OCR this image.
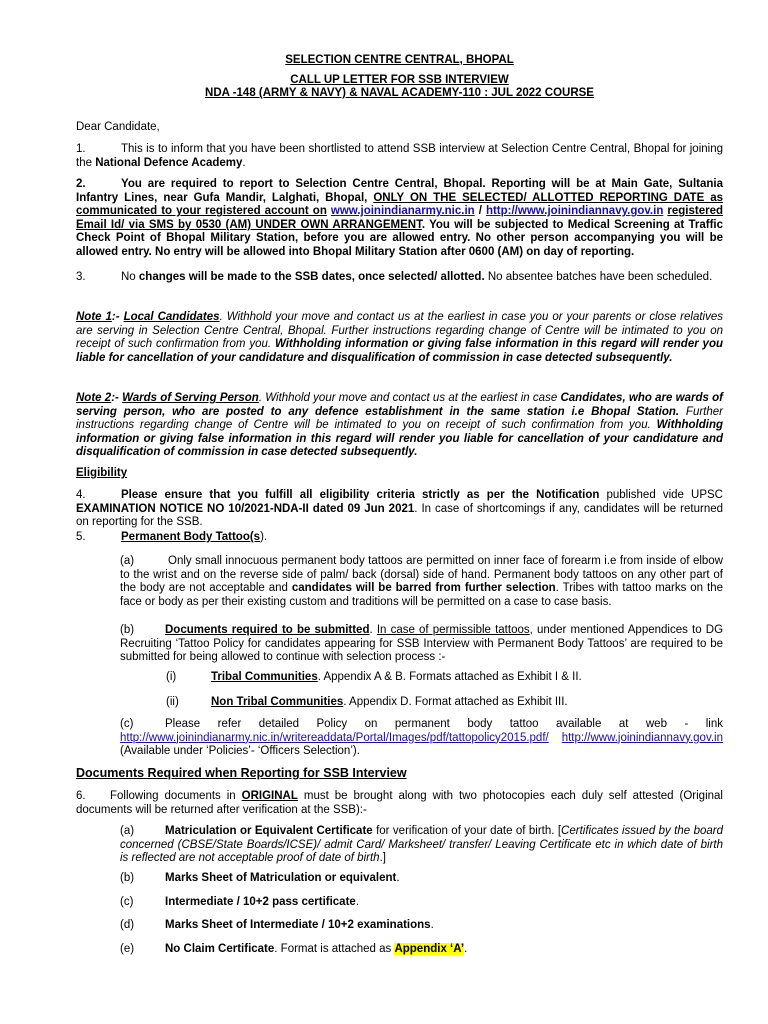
SELECTION CENTRE CENTRAL, BHOPAL
CALL UP LETTER FOR SSB INTERVIEW
NDA -148 (ARMY & NAVY) & NAVAL ACADEMY-110 : JUL 2022 COURSE
Dear Candidate,

1.	This is to inform that you have been shortlisted to attend SSB interview at Selection Centre Central, Bhopal for joining the National Defence Academy.

2.	You are required to report to Selection Centre Central, Bhopal. Reporting will be at Main Gate, Sultania Infantry Lines, near Gufa Mandir, Lalghati, Bhopal, ONLY ON THE SELECTED/ ALLOTTED REPORTING DATE as communicated to your registered account on www.joinindianarmy.nic.in / http://www.joinindiannavy.gov.in registered Email Id/ via SMS by 0530 (AM) UNDER OWN ARRANGEMENT. You will be subjected to Medical Screening at Traffic Check Point of Bhopal Military Station, before you are allowed entry. No other person accompanying you will be allowed entry. No entry will be allowed into Bhopal Military Station after 0600 (AM) on day of reporting.

3.	No changes will be made to the SSB dates, once selected/ allotted. No absentee batches have been scheduled.

Note 1:- Local Candidates. Withhold your move and contact us at the earliest in case you or your parents or close relatives are serving in Selection Centre Central, Bhopal. Further instructions regarding change of Centre will be intimated to you on receipt of such confirmation from you. Withholding information or giving false information in this regard will render you liable for cancellation of your candidature and disqualification of commission in case detected subsequently.

Note 2:- Wards of Serving Person. Withhold your move and contact us at the earliest in case Candidates, who are wards of serving person, who are posted to any defence establishment in the same station i.e Bhopal Station. Further instructions regarding change of Centre will be intimated to you on receipt of such confirmation from you. Withholding information or giving false information in this regard will render you liable for cancellation of your candidature and disqualification of commission in case detected subsequently.

Eligibility

4.	Please ensure that you fulfill all eligibility criteria strictly as per the Notification published vide UPSC EXAMINATION NOTICE NO 10/2021-NDA-II dated 09 Jun 2021. In case of shortcomings if any, candidates will be returned on reporting for the SSB.

5.	Permanent Body Tattoo(s).

(a)	Only small innocuous permanent body tattoos are permitted on inner face of forearm i.e from inside of elbow to the wrist and on the reverse side of palm/ back (dorsal) side of hand. Permanent body tattoos on any other part of the body are not acceptable and candidates will be barred from further selection. Tribes with tattoo marks on the face or body as per their existing custom and traditions will be permitted on a case to case basis.

(b)	Documents required to be submitted. In case of permissible tattoos, under mentioned Appendices to DG Recruiting ‘Tattoo Policy for candidates appearing for SSB Interview with Permanent Body Tattoos’ are required to be submitted for being allowed to continue with selection process :-

(i)	Tribal Communities. Appendix A & B. Formats attached as Exhibit I & II.
(ii)	Non Tribal Communities. Appendix D. Format attached as Exhibit III.

(c)	Please refer detailed Policy on permanent body tattoo available at web - link http://www.joinindianarmy.nic.in/writereaddata/Portal/Images/pdf/tattopolicy2015.pdf/ http://www.joinindiannavy.gov.in (Available under ‘Policies’- ‘Officers Selection’).

Documents Required when Reporting for SSB Interview

6. Following documents in ORIGINAL must be brought along with two photocopies each duly self attested (Original documents will be returned after verification at the SSB):-

(a)	Matriculation or Equivalent Certificate for verification of your date of birth. [Certificates issued by the board concerned (CBSE/State Boards/ICSE)/ admit Card/ Marksheet/ transfer/ Leaving Certificate etc in which date of birth is reflected are not acceptable proof of date of birth.]

(b)	Marks Sheet of Matriculation or equivalent.
(c)	Intermediate / 10+2 pass certificate.
(d)	Marks Sheet of Intermediate / 10+2 examinations.
(e)	No Claim Certificate. Format is attached as Appendix ‘A’.
